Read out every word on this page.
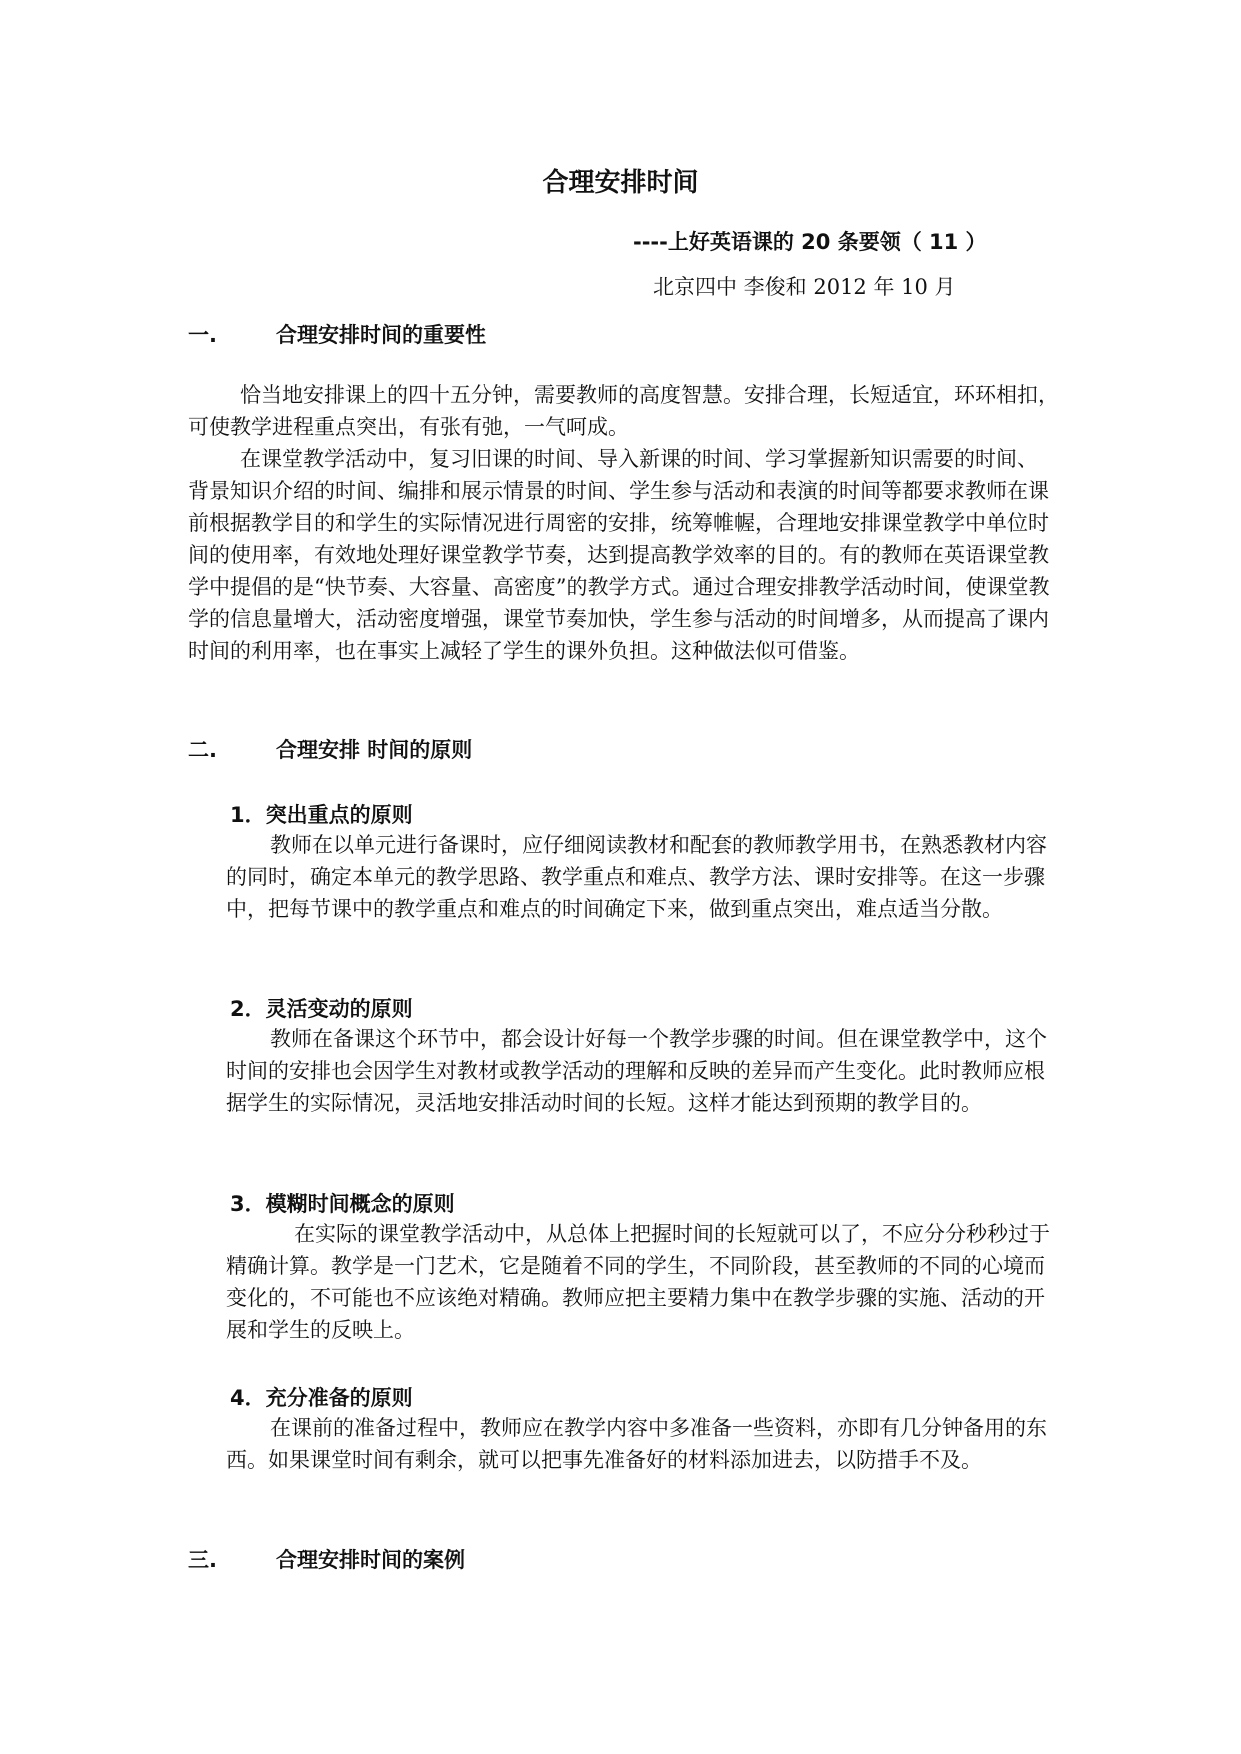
合理安排时间
----上好英语课的 20 条要领（ 11 ）
北京四中 李俊和 2012 年 10 月
一.	合理安排时间的重要性
恰当地安排课上的四十五分钟，需要教师的高度智慧。安排合理，长短适宜，环环相扣，可使教学进程重点突出，有张有弛，一气呵成。
在课堂教学活动中，复习旧课的时间、导入新课的时间、学习掌握新知识需要的时间、背景知识介绍的时间、编排和展示情景的时间、学生参与活动和表演的时间等都要求教师在课前根据教学目的和学生的实际情况进行周密的安排，统筹帷幄，合理地安排课堂教学中单位时间的使用率，有效地处理好课堂教学节奏，达到提高教学效率的目的。有的教师在英语课堂教学中提倡的是“快节奏、大容量、高密度”的教学方式。通过合理安排教学活动时间，使课堂教学的信息量增大，活动密度增强，课堂节奏加快，学生参与活动的时间增多，从而提高了课内时间的利用率，也在事实上减轻了学生的课外负担。这种做法似可借鉴。
二.	合理安排 时间的原则
1．突出重点的原则
教师在以单元进行备课时，应仔细阅读教材和配套的教师教学用书，在熟悉教材内容的同时，确定本单元的教学思路、教学重点和难点、教学方法、课时安排等。在这一步骤中，把每节课中的教学重点和难点的时间确定下来，做到重点突出，难点适当分散。
2．灵活变动的原则
教师在备课这个环节中，都会设计好每一个教学步骤的时间。但在课堂教学中，这个时间的安排也会因学生对教材或教学活动的理解和反映的差异而产生变化。此时教师应根据学生的实际情况，灵活地安排活动时间的长短。这样才能达到预期的教学目的。
3．模糊时间概念的原则
在实际的课堂教学活动中，从总体上把握时间的长短就可以了，不应分分秒秒过于精确计算。教学是一门艺术，它是随着不同的学生，不同阶段，甚至教师的不同的心境而变化的，不可能也不应该绝对精确。教师应把主要精力集中在教学步骤的实施、活动的开展和学生的反映上。
4．充分准备的原则
在课前的准备过程中，教师应在教学内容中多准备一些资料，亦即有几分钟备用的东西。如果课堂时间有剩余，就可以把事先准备好的材料添加进去，以防措手不及。
三.	合理安排时间的案例
